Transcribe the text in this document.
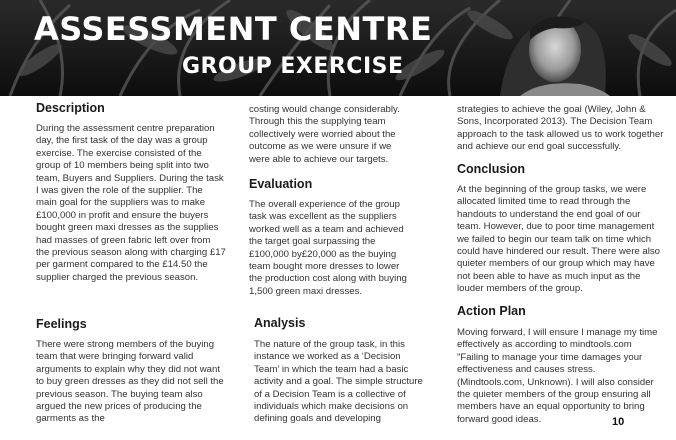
ASSESSMENT CENTRE
GROUP EXERCISE
Description

During the assessment centre preparation day, the first task of the day was a group exercise. The exercise consisted of the group of 10 members being split into two team, Buyers and Suppliers. During the task I was given the role of the supplier. The main goal for the suppliers was to make £100,000 in profit and ensure the buyers bought green maxi dresses as the supplies had masses of green fabric left over from the previous season along with charging £17 per garment compared to the £14.50 the supplier charged the previous season.

Feelings

There were strong members of the buying team that were bringing forward valid arguments to explain why they did not want to buy green dresses as they did not sell the previous season. The buying team also argued the new prices of producing the garments as the

costing would change considerably. Through this the supplying team collectively were worried about the outcome as we were unsure if we were able to achieve our targets.

Evaluation

The overall experience of the group task was excellent as the suppliers worked well as a team and achieved the target goal surpassing the £100,000 by£20,000 as the buying team bought more dresses to lower the production cost along with buying 1,500 green maxi dresses.

Analysis

The nature of the group task, in this instance we worked as a ‘Decision Team’ in which the team had a basic activity and a goal. The simple structure of a Decision Team is a collective of individuals which make decisions on defining goals and developing

strategies to achieve the goal (Wiley, John & Sons, Incorporated 2013). The Decision Team approach to the task allowed us to work together and achieve our end goal successfully.

Conclusion

At the beginning of the group tasks, we were allocated limited time to read through the handouts to understand the end goal of our team. However, due to poor time management we failed to begin our team talk on time which could have hindered our result. There were also quieter members of our group which may have not been able to have as much input as the louder members of the group.

Action Plan

Moving forward, I will ensure I manage my time effectively as according to mindtools.com "Failing to manage your time damages your effectiveness and causes stress. (Mindtools.com, Unknown). I will also consider the quieter members of the group ensuring all members have an equal opportunity to bring forward good ideas.	10
